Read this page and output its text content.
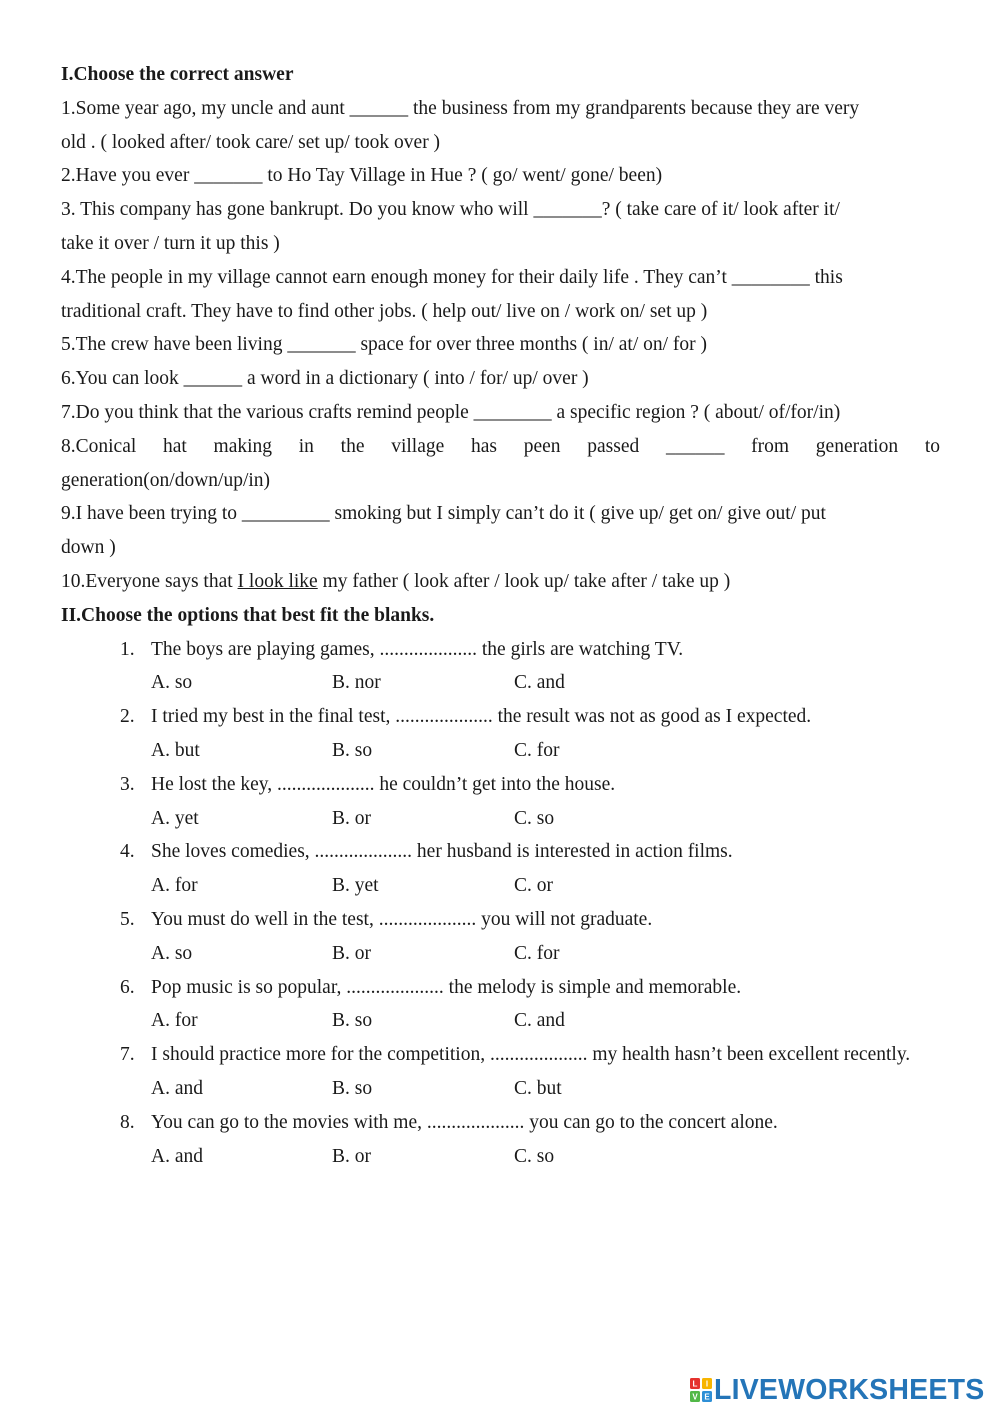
I.Choose the correct answer

1.Some year ago, my uncle and aunt ______ the business from my grandparents because they are very

old . ( looked after/ took care/ set up/ took over )

2.Have you ever _______ to Ho Tay Village in Hue ? ( go/ went/ gone/ been)

3. This company has gone bankrupt. Do you know who will _______? ( take care of it/ look after it/

take it over / turn it up this )

4.The people in my village cannot earn enough money for their daily life . They can’t ________ this

traditional craft. They have to find other jobs. ( help out/ live on / work on/ set up )

5.The crew have been living _______ space for over three months ( in/ at/ on/ for )

6.You can look ______ a word in a dictionary ( into / for/ up/ over )

7.Do you think that the various crafts remind people ________ a specific region ? ( about/ of/for/in)

8.Conical hat making in the village has peen passed ______ from generation to

generation(on/down/up/in)

9.I have been trying to _________ smoking but I simply can’t do it ( give up/ get on/ give out/ put

down )

10.Everyone says that I look like my father ( look after / look up/ take after / take up )

II.Choose the options that best fit the blanks.

1. The boys are playing games, .................... the girls are watching TV.
A. so	B. nor	C. and
2. I tried my best in the final test, .................... the result was not as good as I expected.
A. but	B. so	C. for
3. He lost the key, .................... he couldn’t get into the house.
A. yet	B. or	C. so
4. She loves comedies, .................... her husband is interested in action films.
A. for	B. yet	C. or
5. You must do well in the test, .................... you will not graduate.
A. so	B. or	C. for
6. Pop music is so popular, .................... the melody is simple and memorable.
A. for	B. so	C. and
7. I should practice more for the competition, .................... my health hasn’t been excellent recently.
A. and	B. so	C. but
8. You can go to the movies with me, .................... you can go to the concert alone.
A. and	B. or	C. so
L I
V E LIVEWORKSHEETS
